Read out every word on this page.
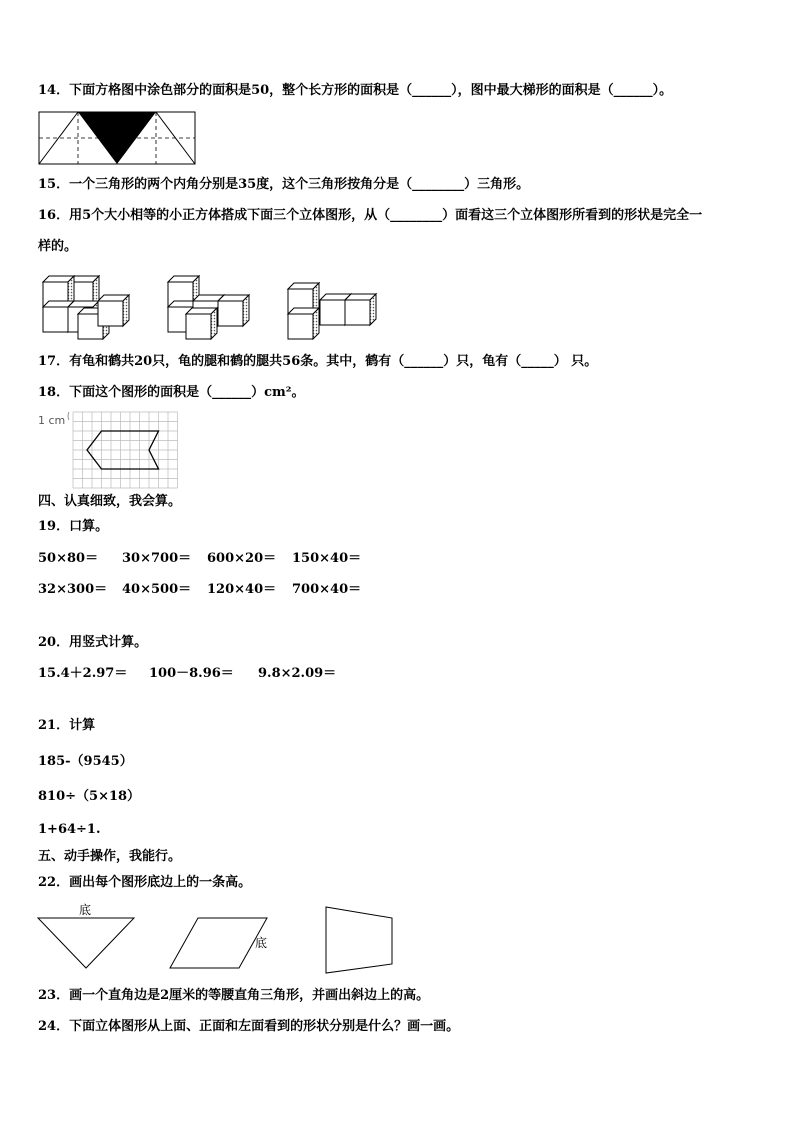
14．下面方格图中涂色部分的面积是50，整个长方形的面积是（______），图中最大梯形的面积是（______）。
15．一个三角形的两个内角分别是35度，这个三角形按角分是（________）三角形。
16．用5个大小相等的小正方体搭成下面三个立体图形，从（________）面看这三个立体图形所看到的形状是完全一
样的。
17．有龟和鹤共20只，龟的腿和鹤的腿共56条。其中，鹤有（______）只，龟有（_____） 只。
18．下面这个图形的面积是（______）cm²。
1 cm
四、认真细致，我会算。
19．口算。
50×80＝ 30×700＝ 600×20＝ 150×40＝
32×300＝ 40×500＝ 120×40＝ 700×40＝
20．用竖式计算。
15.4＋2.97＝ 100－8.96＝ 9.8×2.09＝
21．计算
185-（9545）
810÷（5×18）
1+64÷1.
五、动手操作，我能行。
22．画出每个图形底边上的一条高。
底
底
23．画一个直角边是2厘米的等腰直角三角形，并画出斜边上的高。
24．下面立体图形从上面、正面和左面看到的形状分别是什么？画一画。
